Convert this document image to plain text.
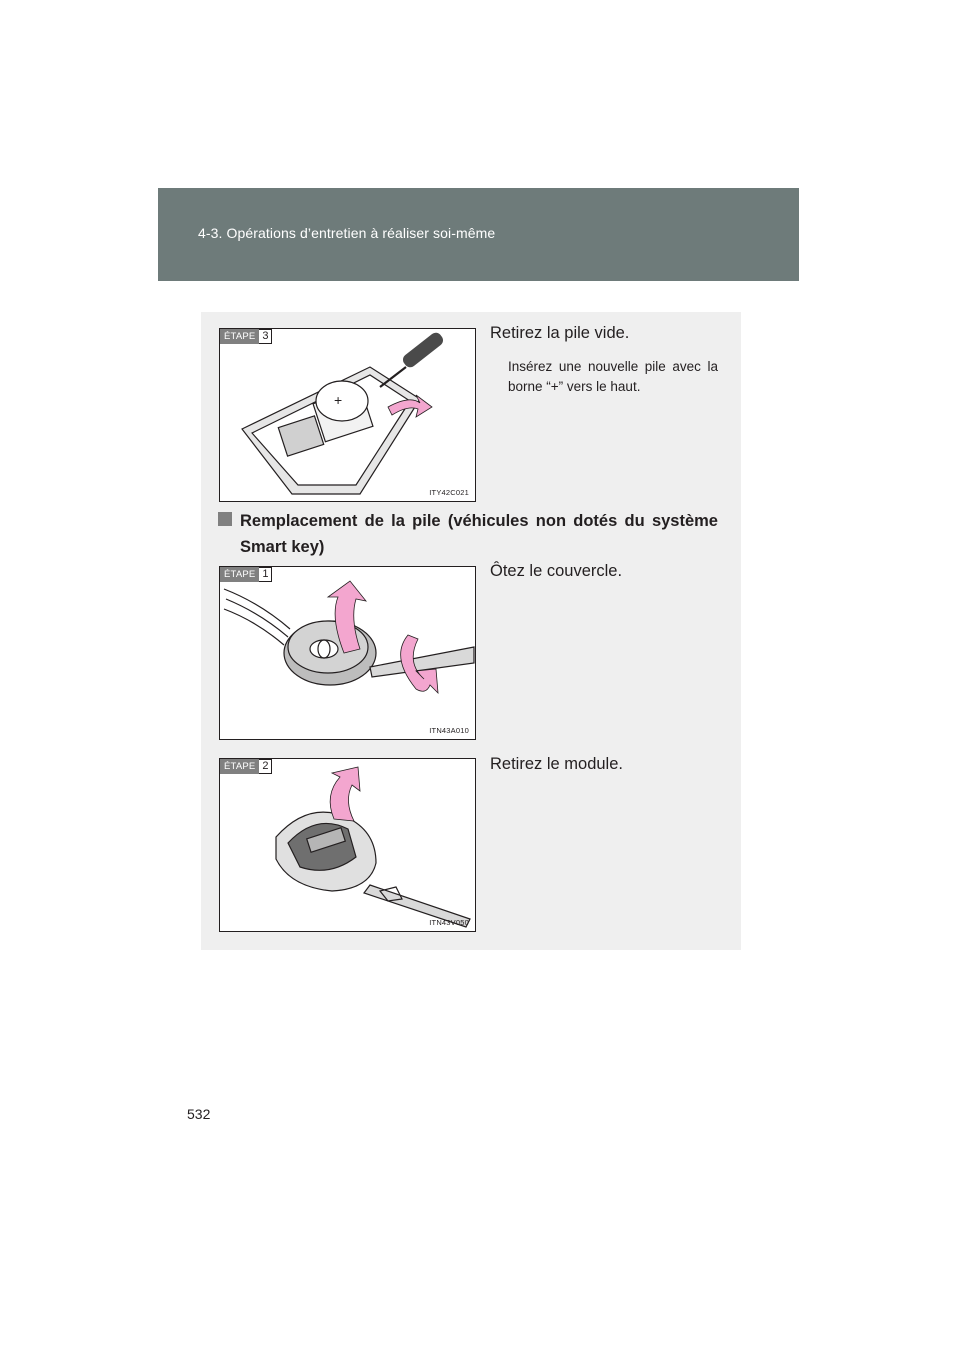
4-3. Opérations d’entretien à réaliser soi-même
ÉTAPE 3
+
ITY42C021
Retirez la pile vide.
Insérez une nouvelle pile avec la borne “+” vers le haut.
Remplacement de la pile (véhicules non dotés du système Smart key)
ÉTAPE 1
ITN43A010
Ôtez le couvercle.
ÉTAPE 2
ITN43V050
Retirez le module.
532
